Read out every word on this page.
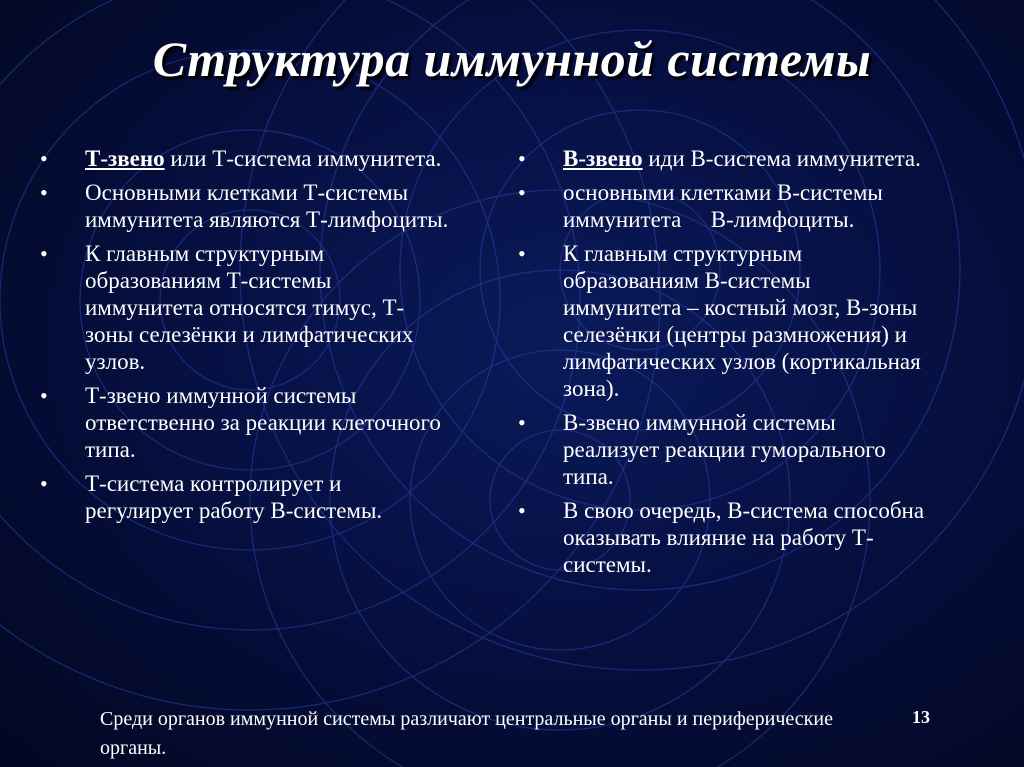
Структура иммунной системы
• Т-звено или Т-система иммунитета.
• Основными клетками Т-системы иммунитета являются Т-лимфоциты.
• К главным структурным образованиям Т-системы иммунитета относятся тимус, Т-зоны селезёнки и лимфатических узлов.
• Т-звено иммунной системы ответственно за реакции клеточного типа.
• Т-система контролирует и регулирует работу В-системы.
• В-звено иди В-система иммунитета.
• основными клетками В-системы иммунитета В-лимфоциты.
• К главным структурным образованиям В-системы иммунитета – костный мозг, В-зоны селезёнки (центры размножения) и лимфатических узлов (кортикальная зона).
• В-звено иммунной системы реализует реакции гуморального типа.
• В свою очередь, В-система способна оказывать влияние на работу Т-системы.
Среди органов иммунной системы различают центральные органы и периферические органы.
13
